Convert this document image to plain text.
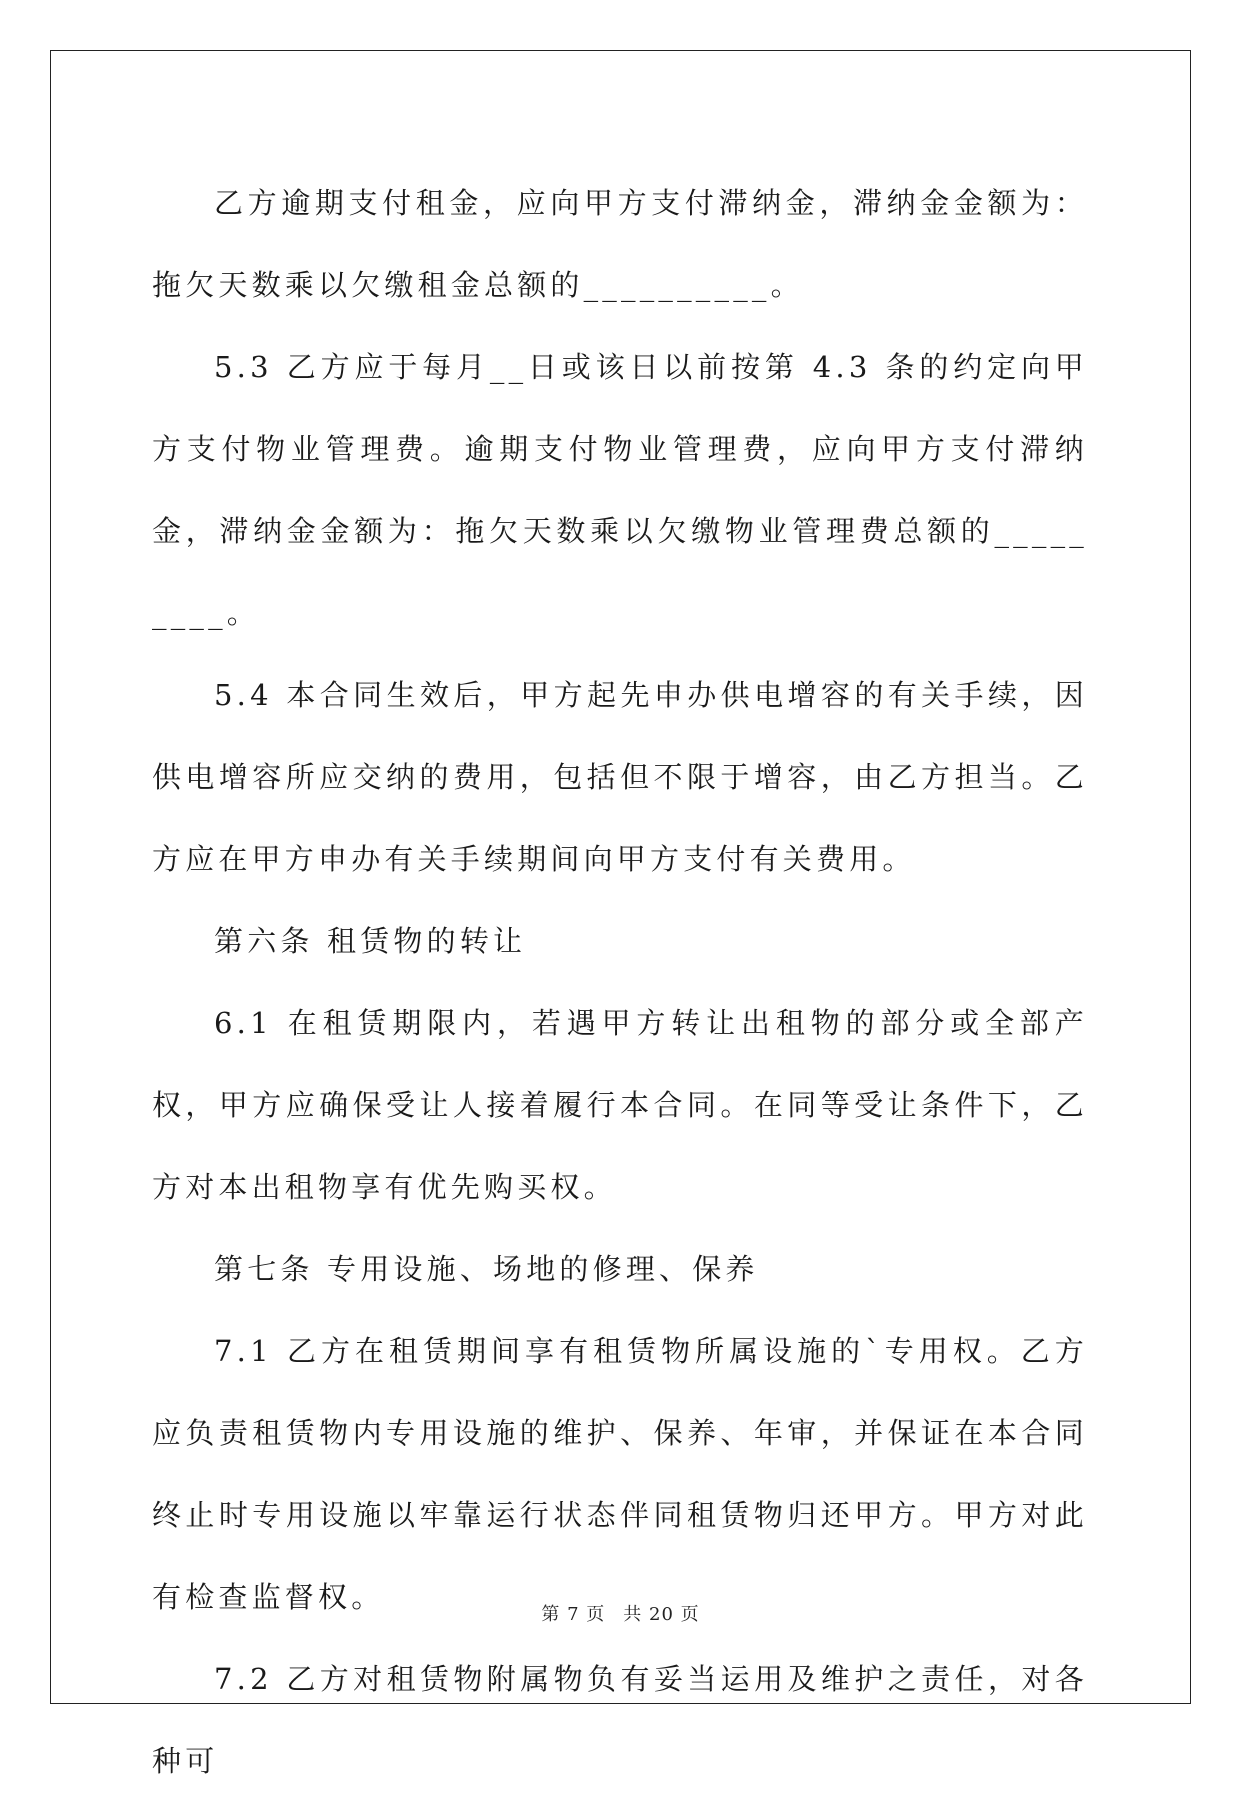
乙方逾期支付租金，应向甲方支付滞纳金，滞纳金金额为：拖欠天数乘以欠缴租金总额的__________。

5.3 乙方应于每月__日或该日以前按第 4.3 条的约定向甲方支付物业管理费。逾期支付物业管理费，应向甲方支付滞纳金，滞纳金金额为：拖欠天数乘以欠缴物业管理费总额的_________。

5.4 本合同生效后，甲方起先申办供电增容的有关手续，因供电增容所应交纳的费用，包括但不限于增容，由乙方担当。乙方应在甲方申办有关手续期间向甲方支付有关费用。

第六条 租赁物的转让

6.1 在租赁期限内，若遇甲方转让出租物的部分或全部产权，甲方应确保受让人接着履行本合同。在同等受让条件下，乙方对本出租物享有优先购买权。

第七条 专用设施、场地的修理、保养

7.1 乙方在租赁期间享有租赁物所属设施的`专用权。乙方应负责租赁物内专用设施的维护、保养、年审，并保证在本合同终止时专用设施以牢靠运行状态伴同租赁物归还甲方。甲方对此有检查监督权。

7.2 乙方对租赁物附属物负有妥当运用及维护之责任，对各种可

第 7 页 共 20 页
